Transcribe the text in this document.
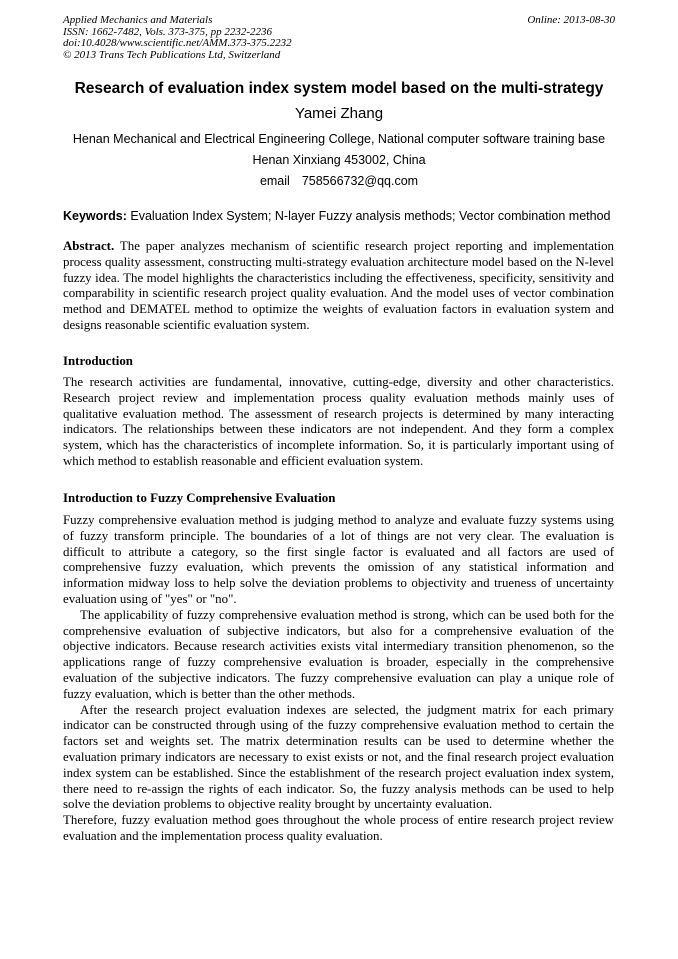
Applied Mechanics and Materials
ISSN: 1662-7482, Vols. 373-375, pp 2232-2236
doi:10.4028/www.scientific.net/AMM.373-375.2232
© 2013 Trans Tech Publications Ltd, Switzerland
Online: 2013-08-30
Research of evaluation index system model based on the multi-strategy
Yamei Zhang
Henan Mechanical and Electrical Engineering College, National computer software training base
Henan Xinxiang 453002, China
email 758566732@qq.com
Keywords: Evaluation Index System; N-layer Fuzzy analysis methods; Vector combination method
Abstract. The paper analyzes mechanism of scientific research project reporting and implementation process quality assessment, constructing multi-strategy evaluation architecture model based on the N-level fuzzy idea. The model highlights the characteristics including the effectiveness, specificity, sensitivity and comparability in scientific research project quality evaluation. And the model uses of vector combination method and DEMATEL method to optimize the weights of evaluation factors in evaluation system and designs reasonable scientific evaluation system.
Introduction
The research activities are fundamental, innovative, cutting-edge, diversity and other characteristics. Research project review and implementation process quality evaluation methods mainly uses of qualitative evaluation method. The assessment of research projects is determined by many interacting indicators. The relationships between these indicators are not independent. And they form a complex system, which has the characteristics of incomplete information. So, it is particularly important using of which method to establish reasonable and efficient evaluation system.
Introduction to Fuzzy Comprehensive Evaluation

Fuzzy comprehensive evaluation method is judging method to analyze and evaluate fuzzy systems using of fuzzy transform principle. The boundaries of a lot of things are not very clear. The evaluation is difficult to attribute a category, so the first single factor is evaluated and all factors are used of comprehensive fuzzy evaluation, which prevents the omission of any statistical information and information midway loss to help solve the deviation problems to objectivity and trueness of uncertainty evaluation using of "yes" or "no".

The applicability of fuzzy comprehensive evaluation method is strong, which can be used both for the comprehensive evaluation of subjective indicators, but also for a comprehensive evaluation of the objective indicators. Because research activities exists vital intermediary transition phenomenon, so the applications range of fuzzy comprehensive evaluation is broader, especially in the comprehensive evaluation of the subjective indicators. The fuzzy comprehensive evaluation can play a unique role of fuzzy evaluation, which is better than the other methods.

After the research project evaluation indexes are selected, the judgment matrix for each primary indicator can be constructed through using of the fuzzy comprehensive evaluation method to certain the factors set and weights set. The matrix determination results can be used to determine whether the evaluation primary indicators are necessary to exist exists or not, and the final research project evaluation index system can be established. Since the establishment of the research project evaluation index system, there need to re-assign the rights of each indicator. So, the fuzzy analysis methods can be used to help solve the deviation problems to objective reality brought by uncertainty evaluation.

Therefore, fuzzy evaluation method goes throughout the whole process of entire research project review evaluation and the implementation process quality evaluation.
